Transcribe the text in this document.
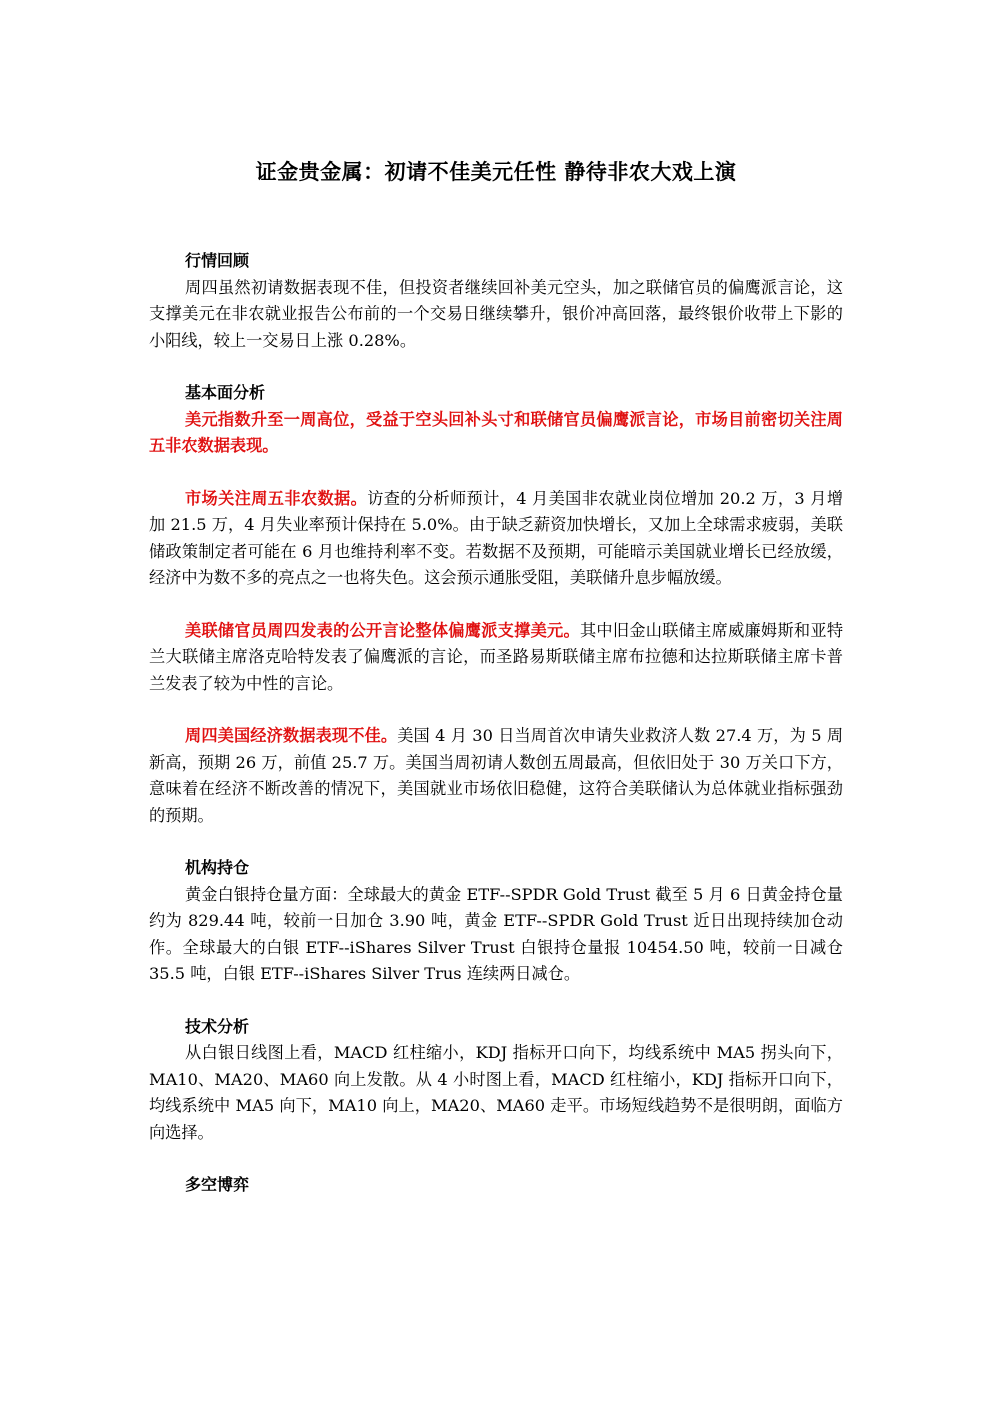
证金贵金属：初请不佳美元任性 静待非农大戏上演
行情回顾

周四虽然初请数据表现不佳，但投资者继续回补美元空头，加之联储官员的偏鹰派言论，这支撑美元在非农就业报告公布前的一个交易日继续攀升，银价冲高回落，最终银价收带上下影的小阳线，较上一交易日上涨 0.28%。

基本面分析

美元指数升至一周高位，受益于空头回补头寸和联储官员偏鹰派言论，市场目前密切关注周五非农数据表现。

市场关注周五非农数据。访查的分析师预计，4 月美国非农就业岗位增加 20.2 万，3 月增加 21.5 万，4 月失业率预计保持在 5.0%。由于缺乏薪资加快增长，又加上全球需求疲弱，美联储政策制定者可能在 6 月也维持利率不变。若数据不及预期，可能暗示美国就业增长已经放缓，经济中为数不多的亮点之一也将失色。这会预示通胀受阻，美联储升息步幅放缓。

美联储官员周四发表的公开言论整体偏鹰派支撑美元。其中旧金山联储主席威廉姆斯和亚特兰大联储主席洛克哈特发表了偏鹰派的言论，而圣路易斯联储主席布拉德和达拉斯联储主席卡普兰发表了较为中性的言论。

周四美国经济数据表现不佳。美国 4 月 30 日当周首次申请失业救济人数 27.4 万，为 5 周新高，预期 26 万，前值 25.7 万。美国当周初请人数创五周最高，但依旧处于 30 万关口下方，意味着在经济不断改善的情况下，美国就业市场依旧稳健，这符合美联储认为总体就业指标强劲的预期。

机构持仓

黄金白银持仓量方面：全球最大的黄金 ETF--SPDR Gold Trust 截至 5 月 6 日黄金持仓量约为 829.44 吨，较前一日加仓 3.90 吨，黄金 ETF--SPDR Gold Trust 近日出现持续加仓动作。全球最大的白银 ETF--iShares Silver Trust 白银持仓量报 10454.50 吨，较前一日减仓 35.5 吨，白银 ETF--iShares Silver Trus 连续两日减仓。

技术分析

从白银日线图上看，MACD 红柱缩小，KDJ 指标开口向下，均线系统中 MA5 拐头向下，MA10、MA20、MA60 向上发散。从 4 小时图上看，MACD 红柱缩小，KDJ 指标开口向下，均线系统中 MA5 向下，MA10 向上，MA20、MA60 走平。市场短线趋势不是很明朗，面临方向选择。

多空博弈
